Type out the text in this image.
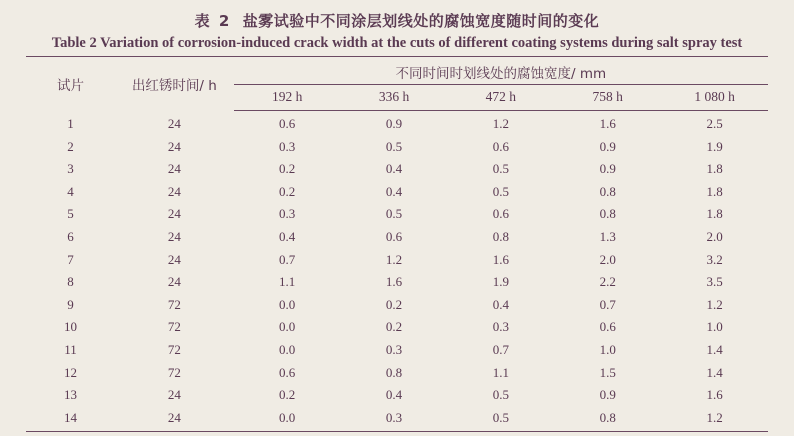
表 2 盐雾试验中不同涂层划线处的腐蚀宽度随时间的变化
Table 2 Variation of corrosion-induced crack width at the cuts of different coating systems during salt spray test
试片	出红锈时间/ h	不同时间时划线处的腐蚀宽度/ mm				
		192 h	336 h	472 h	758 h	1 080 h
1	24	0.6	0.9	1.2	1.6	2.5
2	24	0.3	0.5	0.6	0.9	1.9
3	24	0.2	0.4	0.5	0.9	1.8
4	24	0.2	0.4	0.5	0.8	1.8
5	24	0.3	0.5	0.6	0.8	1.8
6	24	0.4	0.6	0.8	1.3	2.0
7	24	0.7	1.2	1.6	2.0	3.2
8	24	1.1	1.6	1.9	2.2	3.5
9	72	0.0	0.2	0.4	0.7	1.2
10	72	0.0	0.2	0.3	0.6	1.0
11	72	0.0	0.3	0.7	1.0	1.4
12	72	0.6	0.8	1.1	1.5	1.4
13	24	0.2	0.4	0.5	0.9	1.6
14	24	0.0	0.3	0.5	0.8	1.2
